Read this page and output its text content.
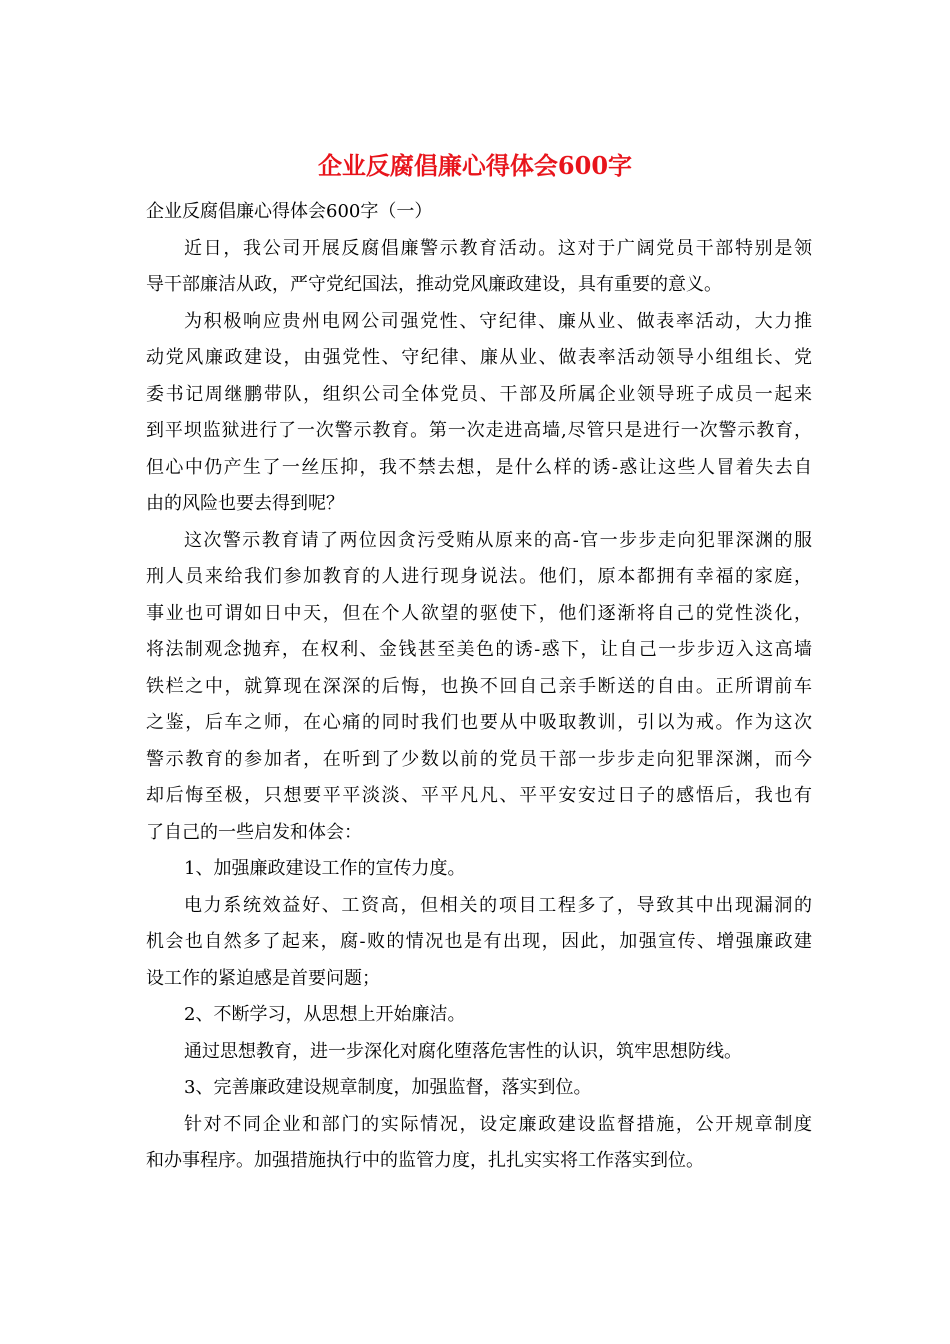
企业反腐倡廉心得体会600字
企业反腐倡廉心得体会600字（一）
近日，我公司开展反腐倡廉警示教育活动。这对于广阔党员干部特别是领
导干部廉洁从政，严守党纪国法，推动党风廉政建设，具有重要的意义。
为积极响应贵州电网公司强党性、守纪律、廉从业、做表率活动，大力推
动党风廉政建设，由强党性、守纪律、廉从业、做表率活动领导小组组长、党
委书记周继鹏带队，组织公司全体党员、干部及所属企业领导班子成员一起来
到平坝监狱进行了一次警示教育。第一次走进高墙,尽管只是进行一次警示教育，
但心中仍产生了一丝压抑，我不禁去想，是什么样的诱-惑让这些人冒着失去自
由的风险也要去得到呢？
这次警示教育请了两位因贪污受贿从原来的高-官一步步走向犯罪深渊的服
刑人员来给我们参加教育的人进行现身说法。他们，原本都拥有幸福的家庭，
事业也可谓如日中天，但在个人欲望的驱使下，他们逐渐将自己的党性淡化，
将法制观念抛弃，在权利、金钱甚至美色的诱-惑下，让自己一步步迈入这高墙
铁栏之中，就算现在深深的后悔，也换不回自己亲手断送的自由。正所谓前车
之鉴，后车之师，在心痛的同时我们也要从中吸取教训，引以为戒。作为这次
警示教育的参加者，在听到了少数以前的党员干部一步步走向犯罪深渊，而今
却后悔至极，只想要平平淡淡、平平凡凡、平平安安过日子的感悟后，我也有
了自己的一些启发和体会：
1、加强廉政建设工作的宣传力度。
电力系统效益好、工资高，但相关的项目工程多了，导致其中出现漏洞的
机会也自然多了起来，腐-败的情况也是有出现，因此，加强宣传、增强廉政建
设工作的紧迫感是首要问题；
2、不断学习，从思想上开始廉洁。
通过思想教育，进一步深化对腐化堕落危害性的认识，筑牢思想防线。
3、完善廉政建设规章制度，加强监督，落实到位。
针对不同企业和部门的实际情况，设定廉政建设监督措施，公开规章制度
和办事程序。加强措施执行中的监管力度，扎扎实实将工作落实到位。
